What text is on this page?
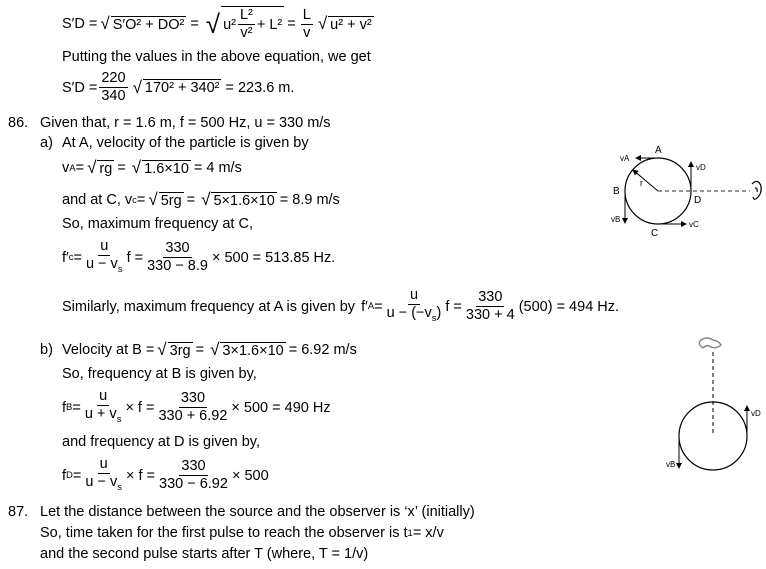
S′D = √ S′O² + DO² = √ $u^2 \frac{\text{L²}}{\text{v²}} + L^2 = \frac{L}{v}$ √ u² + v²
Putting the values in the above equation, we get
$S'D = \frac{220}{340}$ √ 170² + 340² = 223.6 m.
86. Given that, r = 1.6 m, f = 500 Hz, u = 330 m/s
a) At A, velocity of the particle is given by
v A = √ rg = √ 1.6×10 = 4 m/s
and at C, v c = √ 5rg = √ 5×1.6×10 = 8.9 m/s
So, maximum frequency at C,
f′ $c = \frac{u}{u - v_s}$ $f = \frac{330}{330 - 8.9} \times 500 = 513.85$ Hz.
Similarly, maximum frequency at A is given by f′ $A = \frac{u}{u - (-v_s)}$ $f = \frac{330}{330 + 4} (500) = 494$ Hz.
b) Velocity at B = √ 3rg = √ 3×1.6×10 = 6.92 m/s
So, frequency at B is given by,
f $B = \frac{u}{u + v_s} \times f = \frac{330}{330 + 6.92} \times 500 = 490$ Hz
and frequency at D is given by,
f $D = \frac{u}{u - v_s} \times f = \frac{330}{330 - 6.92} \times 500$
87. Let the distance between the source and the observer is ‘x’ (initially)
So, time taken for the first pulse to reach the observer is t 1 = x/v
and the second pulse starts after T (where, T = 1/v)
A
B
C
D
r
vA
vD
vB
vC
vB
vD
